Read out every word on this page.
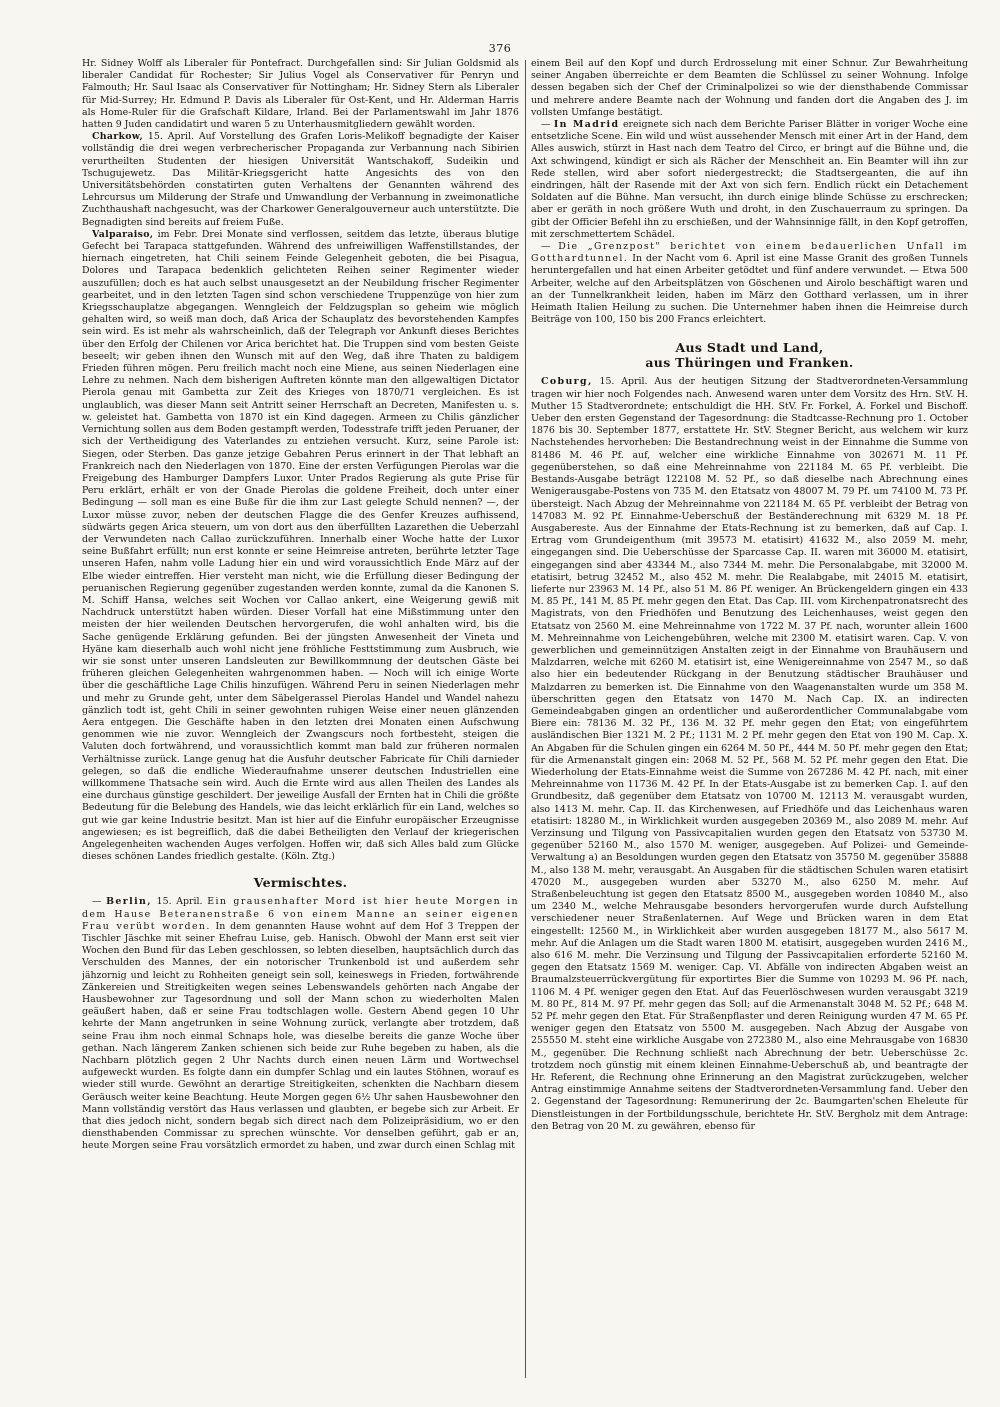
376

Hr. Sidney Wolff als Liberaler für Pontefract. Durchgefallen sind: Sir Julian Goldsmid als liberaler Candidat für Rochester; Sir Julius Vogel als Conservativer für Penryn und Falmouth; Hr. Saul Isaac als Conservativer für Nottingham; Hr. Sidney Stern als Liberaler für Mid-Surrey; Hr. Edmund P. Davis als Liberaler für Ost-Kent, und Hr. Alderman Harris als Home-Ruler für die Grafschaft Kildare, Irland. Bei der Parlamentswahl im Jahr 1876 hatten 9 Juden candidatirt und waren 5 zu Unterhausmitgliedern gewählt worden.

Charkow, 15. April. Auf Vorstellung des Grafen Loris-Melikoff begnadigte der Kaiser vollständig die drei wegen verbrecherischer Propaganda zur Verbannung nach Sibirien verurtheilten Studenten der hiesigen Universität Wantschakoff, Sudeikin und Tschugujewetz. Das Militär-Kriegsgericht hatte Angesichts des von den Universitätsbehörden constatirten guten Verhaltens der Genannten während des Lehrcursus um Milderung der Strafe und Umwandlung der Verbannung in zweimonatliche Zuchthaushaft nachgesucht, was der Charkower Generalgouverneur auch unterstützte. Die Begnadigten sind bereits auf freiem Fuße.

Valparaiso, im Febr. Drei Monate sind verflossen, seitdem das letzte, überaus blutige Gefecht bei Tarapaca stattgefunden. Während des unfreiwilligen Waffenstillstandes, der hiernach eingetreten, hat Chili seinem Feinde Gelegenheit geboten, die bei Pisagua, Dolores und Tarapaca bedenklich gelichteten Reihen seiner Regimenter wieder auszufüllen; doch es hat auch selbst unausgesetzt an der Neubildung frischer Regimenter gearbeitet, und in den letzten Tagen sind schon verschiedene Truppenzüge von hier zum Kriegsschauplatze abgegangen. Wenngleich der Feldzugsplan so geheim wie möglich gehalten wird, so weiß man doch, daß Arica der Schauplatz des bevorstehenden Kampfes sein wird. Es ist mehr als wahrscheinlich, daß der Telegraph vor Ankunft dieses Berichtes über den Erfolg der Chilenen vor Arica berichtet hat. Die Truppen sind vom besten Geiste beseelt; wir geben ihnen den Wunsch mit auf den Weg, daß ihre Thaten zu baldigem Frieden führen mögen. Peru freilich macht noch eine Miene, aus seinen Niederlagen eine Lehre zu nehmen. Nach dem bisherigen Auftreten könnte man den allgewaltigen Dictator Pierola genau mit Gambetta zur Zeit des Krieges von 1870/71 vergleichen. Es ist unglaublich, was dieser Mann seit Antritt seiner Herrschaft an Decreten, Manifesten u. s. w. geleistet hat. Gambetta von 1870 ist ein Kind dagegen. Armeen zu Chilis gänzlicher Vernichtung sollen aus dem Boden gestampft werden, Todesstrafe trifft jeden Peruaner, der sich der Vertheidigung des Vaterlandes zu entziehen versucht. Kurz, seine Parole ist: Siegen, oder Sterben. Das ganze jetzige Gebahren Perus erinnert in der That lebhaft an Frankreich nach den Niederlagen von 1870. Eine der ersten Verfügungen Pierolas war die Freigebung des Hamburger Dampfers Luxor. Unter Prados Regierung als gute Prise für Peru erklärt, erhält er von der Gnade Pierolas die goldene Freiheit, doch unter einer Bedingung — soll man es eine Buße für die ihm zur Last gelegte Schuld nennen? —, der Luxor müsse zuvor, neben der deutschen Flagge die des Genfer Kreuzes aufhissend, südwärts gegen Arica steuern, um von dort aus den überfüllten Lazarethen die Ueberzahl der Verwundeten nach Callao zurückzuführen. Innerhalb einer Woche hatte der Luxor seine Bußfahrt erfüllt; nun erst konnte er seine Heimreise antreten, berührte letzter Tage unseren Hafen, nahm volle Ladung hier ein und wird voraussichtlich Ende März auf der Elbe wieder eintreffen. Hier versteht man nicht, wie die Erfüllung dieser Bedingung der peruanischen Regierung gegenüber zugestanden werden konnte, zumal da die Kanonen S. M. Schiff Hansa, welches seit Wochen vor Callao ankert, eine Weigerung gewiß mit Nachdruck unterstützt haben würden. Dieser Vorfall hat eine Mißstimmung unter den meisten der hier weilenden Deutschen hervorgerufen, die wohl anhalten wird, bis die Sache genügende Erklärung gefunden. Bei der jüngsten Anwesenheit der Vineta und Hyäne kam dieserhalb auch wohl nicht jene fröhliche Festtstimmung zum Ausbruch, wie wir sie sonst unter unseren Landsleuten zur Bewillkommnung der deutschen Gäste bei früheren gleichen Gelegenheiten wahrgenommen haben. — Noch will ich einige Worte über die geschäftliche Lage Chilis hinzufügen. Während Peru in seinen Niederlagen mehr und mehr zu Grunde geht, unter dem Säbelgerassel Pierolas Handel und Wandel nahezu gänzlich todt ist, geht Chili in seiner gewohnten ruhigen Weise einer neuen glänzenden Aera entgegen. Die Geschäfte haben in den letzten drei Monaten einen Aufschwung genommen wie nie zuvor. Wenngleich der Zwangscurs noch fortbesteht, steigen die Valuten doch fortwährend, und voraussichtlich kommt man bald zur früheren normalen Verhältnisse zurück. Lange genug hat die Ausfuhr deutscher Fabricate für Chili darnieder gelegen, so daß die endliche Wiederaufnahme unserer deutschen Industriellen eine willkommene Thatsache sein wird. Auch die Ernte wird aus allen Theilen des Landes als eine durchaus günstige geschildert. Der jeweilige Ausfall der Ernten hat in Chili die größte Bedeutung für die Belebung des Handels, wie das leicht erklärlich für ein Land, welches so gut wie gar keine Industrie besitzt. Man ist hier auf die Einfuhr europäischer Erzeugnisse angewiesen; es ist begreiflich, daß die dabei Betheiligten den Verlauf der kriegerischen Angelegenheiten wachenden Auges verfolgen. Hoffen wir, daß sich Alles bald zum Glücke dieses schönen Landes friedlich gestalte. (Köln. Ztg.)

Vermischtes.

— Berlin, 15. April. Ein grausenhafter Mord ist hier heute Morgen in dem Hause Beteranenstraße 6 von einem Manne an seiner eigenen Frau verübt worden. In dem genannten Hause wohnt auf dem Hof 3 Treppen der Tischler Jäschke mit seiner Ehefrau Luise, geb. Hanisch. Obwohl der Mann erst seit vier Wochen den Bund für das Leben geschlossen, so lebten dieselben, hauptsächlich durch das Verschulden des Mannes, der ein notorischer Trunkenbold ist und außerdem sehr jähzornig und leicht zu Rohheiten geneigt sein soll, keineswegs in Frieden, fortwährende Zänkereien und Streitigkeiten wegen seines Lebenswandels gehörten nach Angabe der Hausbewohner zur Tagesordnung und soll der Mann schon zu wiederholten Malen geäußert haben, daß er seine Frau todtschlagen wolle. Gestern Abend gegen 10 Uhr kehrte der Mann angetrunken in seine Wohnung zurück, verlangte aber trotzdem, daß seine Frau ihm noch einmal Schnaps hole, was dieselbe bereits die ganze Woche über gethan. Nach längerem Zanken schienen sich beide zur Ruhe begeben zu haben, als die Nachbarn plötzlich gegen 2 Uhr Nachts durch einen neuen Lärm und Wortwechsel aufgeweckt wurden. Es folgte dann ein dumpfer Schlag und ein lautes Stöhnen, worauf es wieder still wurde. Gewöhnt an derartige Streitigkeiten, schenkten die Nachbarn diesem Geräusch weiter keine Beachtung. Heute Morgen gegen 6½ Uhr sahen Hausbewohner den Mann vollständig verstört das Haus verlassen und glaubten, er begebe sich zur Arbeit. Er that dies jedoch nicht, sondern begab sich direct nach dem Polizeipräsidium, wo er den diensthabenden Commissar zu sprechen wünschte. Vor denselben geführt, gab er an, heute Morgen seine Frau vorsätzlich ermordet zu haben, und zwar durch einen Schlag mit

einem Beil auf den Kopf und durch Erdrosselung mit einer Schnur. Zur Bewahrheitung seiner Angaben überreichte er dem Beamten die Schlüssel zu seiner Wohnung. Infolge dessen begaben sich der Chef der Criminalpolizei so wie der diensthabende Commissar und mehrere andere Beamte nach der Wohnung und fanden dort die Angaben des J. im vollsten Umfange bestätigt.

— In Madrid ereignete sich nach dem Berichte Pariser Blätter in voriger Woche eine entsetzliche Scene. Ein wild und wüst aussehender Mensch mit einer Art in der Hand, dem Alles auswich, stürzt in Hast nach dem Teatro del Circo, er bringt auf die Bühne und, die Axt schwingend, kündigt er sich als Rächer der Menschheit an. Ein Beamter will ihn zur Rede stellen, wird aber sofort niedergestreckt; die Stadtsergeanten, die auf ihn eindringen, hält der Rasende mit der Axt von sich fern. Endlich rückt ein Detachement Soldaten auf die Bühne. Man versucht, ihn durch einige blinde Schüsse zu erschrecken; aber er geräth in noch größere Wuth und droht, in den Zuschauerraum zu springen. Da gibt der Officier Befehl ihn zu erschießen, und der Wahnsinnige fällt, in den Kopf getroffen, mit zerschmettertem Schädel.

— Die „Grenzpost" berichtet von einem bedauerlichen Unfall im Gotthardtunnel. In der Nacht vom 6. April ist eine Masse Granit des großen Tunnels heruntergefallen und hat einen Arbeiter getödtet und fünf andere verwundet. — Etwa 500 Arbeiter, welche auf den Arbeitsplätzen von Göschenen und Airolo beschäftigt waren und an der Tunnelkrankheit leiden, haben im März den Gotthard verlassen, um in ihrer Heimath Italien Heilung zu suchen. Die Unternehmer haben ihnen die Heimreise durch Beiträge von 100, 150 bis 200 Francs erleichtert.

Aus Stadt und Land,
aus Thüringen und Franken.

Coburg, 15. April. Aus der heutigen Sitzung der Stadtverordneten-Versammlung tragen wir hier noch Folgendes nach. Anwesend waren unter dem Vorsitz des Hrn. StV. H. Muther 15 Stadtverordnete; entschuldigt die HH. StV. Fr. Forkel, A. Forkel und Bischoff. Ueber den ersten Gegenstand der Tagesordnung: die Stadtcasse-Rechnung pro 1. October 1876 bis 30. September 1877, erstattete Hr. StV. Stegner Bericht, aus welchem wir kurz Nachstehendes hervorheben: Die Bestandrechnung weist in der Einnahme die Summe von 81486 M. 46 Pf. auf, welcher eine wirkliche Einnahme von 302671 M. 11 Pf. gegenüberstehen, so daß eine Mehreinnahme von 221184 M. 65 Pf. verbleibt. Die Bestands-Ausgabe beträgt 122108 M. 52 Pf., so daß dieselbe nach Abrechnung eines Wenigerausgabe-Postens von 735 M. den Etatsatz von 48007 M. 79 Pf. um 74100 M. 73 Pf. übersteigt. Nach Abzug der Mehreinnahme von 221184 M. 65 Pf. verbleibt der Betrag von 147083 M. 92 Pf. Einnahme-Ueberschuß der Beständerechnung mit 6329 M. 18 Pf. Ausgabereste. Aus der Einnahme der Etats-Rechnung ist zu bemerken, daß auf Cap. I. Ertrag vom Grundeigenthum (mit 39573 M. etatisirt) 41632 M., also 2059 M. mehr, eingegangen sind. Die Ueberschüsse der Sparcasse Cap. II. waren mit 36000 M. etatisirt, eingegangen sind aber 43344 M., also 7344 M. mehr. Die Personalabgabe, mit 32000 M. etatisirt, betrug 32452 M., also 452 M. mehr. Die Realabgabe, mit 24015 M. etatisirt, lieferte nur 23963 M. 14 Pf., also 51 M. 86 Pf. weniger. An Brückengeldern gingen ein 433 M. 85 Pf., 141 M. 85 Pf. mehr gegen den Etat. Das Cap. III. vom Kirchenpatronatsrecht des Magistrats, von den Friedhöfen und Benutzung des Leichenhauses, weist gegen den Etatsatz von 2560 M. eine Mehreinnahme von 1722 M. 37 Pf. nach, worunter allein 1600 M. Mehreinnahme von Leichengebühren, welche mit 2300 M. etatisirt waren. Cap. V. von gewerblichen und gemeinnützigen Anstalten zeigt in der Einnahme von Brauhäusern und Malzdarren, welche mit 6260 M. etatisirt ist, eine Wenigereinnahme von 2547 M., so daß also hier ein bedeutender Rückgang in der Benutzung städtischer Brauhäuser und Malzdarren zu bemerken ist. Die Einnahme von den Waagenanstalten wurde um 358 M. überschritten gegen den Etatsatz von 1470 M. Nach Cap. IX. an indirecten Gemeindeabgaben gingen an ordentlicher und außerordentlicher Communalabgabe vom Biere ein: 78136 M. 32 Pf., 136 M. 32 Pf. mehr gegen den Etat; von eingeführtem ausländischen Bier 1321 M. 2 Pf.; 1131 M. 2 Pf. mehr gegen den Etat von 190 M. Cap. X. An Abgaben für die Schulen gingen ein 6264 M. 50 Pf., 444 M. 50 Pf. mehr gegen den Etat; für die Armenanstalt gingen ein: 2068 M. 52 Pf., 568 M. 52 Pf. mehr gegen den Etat. Die Wiederholung der Etats-Einnahme weist die Summe von 267286 M. 42 Pf. nach, mit einer Mehreinnahme von 11736 M. 42 Pf. In der Etats-Ausgabe ist zu bemerken Cap. I. auf den Grundbesitz, daß gegenüber dem Etatsatz von 10700 M. 12113 M. verausgabt wurden, also 1413 M. mehr. Cap. II. das Kirchenwesen, auf Friedhöfe und das Leichenhaus waren etatisirt: 18280 M., in Wirklichkeit wurden ausgegeben 20369 M., also 2089 M. mehr. Auf Verzinsung und Tilgung von Passivcapitalien wurden gegen den Etatsatz von 53730 M. gegenüber 52160 M., also 1570 M. weniger, ausgegeben. Auf Polizei- und Gemeinde-Verwaltung a) an Besoldungen wurden gegen den Etatsatz von 35750 M. gegenüber 35888 M., also 138 M. mehr, verausgabt. An Ausgaben für die städtischen Schulen waren etatisirt 47020 M., ausgegeben wurden aber 53270 M., also 6250 M. mehr. Auf Straßenbeleuchtung ist gegen den Etatsatz 8500 M., ausgegeben worden 10840 M., also um 2340 M., welche Mehrausgabe besonders hervorgerufen wurde durch Aufstellung verschiedener neuer Straßenlaternen. Auf Wege und Brücken waren in dem Etat eingestellt: 12560 M., in Wirklichkeit aber wurden ausgegeben 18177 M., also 5617 M. mehr. Auf die Anlagen um die Stadt waren 1800 M. etatisirt, ausgegeben wurden 2416 M., also 616 M. mehr. Die Verzinsung und Tilgung der Passivcapitalien erforderte 52160 M. gegen den Etatsatz 1569 M. weniger. Cap. VI. Abfälle von indirecten Abgaben weist an Braumalzsteuerrückvergütung für exportirtes Bier die Summe von 10293 M. 96 Pf. nach, 1106 M. 4 Pf. weniger gegen den Etat. Auf das Feuerlöschwesen wurden verausgabt 3219 M. 80 Pf., 814 M. 97 Pf. mehr gegen das Soll; auf die Armenanstalt 3048 M. 52 Pf.; 648 M. 52 Pf. mehr gegen den Etat. Für Straßenpflaster und deren Reinigung wurden 47 M. 65 Pf. weniger gegen den Etatsatz von 5500 M. ausgegeben. Nach Abzug der Ausgabe von 255550 M. steht eine wirkliche Ausgabe von 272380 M., also eine Mehrausgabe von 16830 M., gegenüber. Die Rechnung schließt nach Abrechnung der betr. Ueberschüsse 2c. trotzdem noch günstig mit einem kleinen Einnahme-Ueberschuß ab, und beantragte der Hr. Referent, die Rechnung ohne Erinnerung an den Magistrat zurückzugeben, welcher Antrag einstimmige Annahme seitens der Stadtverordneten-Versammlung fand. Ueber den 2. Gegenstand der Tagesordnung: Remunerirung der 2c. Baumgarten'schen Eheleute für Dienstleistungen in der Fortbildungsschule, berichtete Hr. StV. Bergholz mit dem Antrage: den Betrag von 20 M. zu gewähren, ebenso für
